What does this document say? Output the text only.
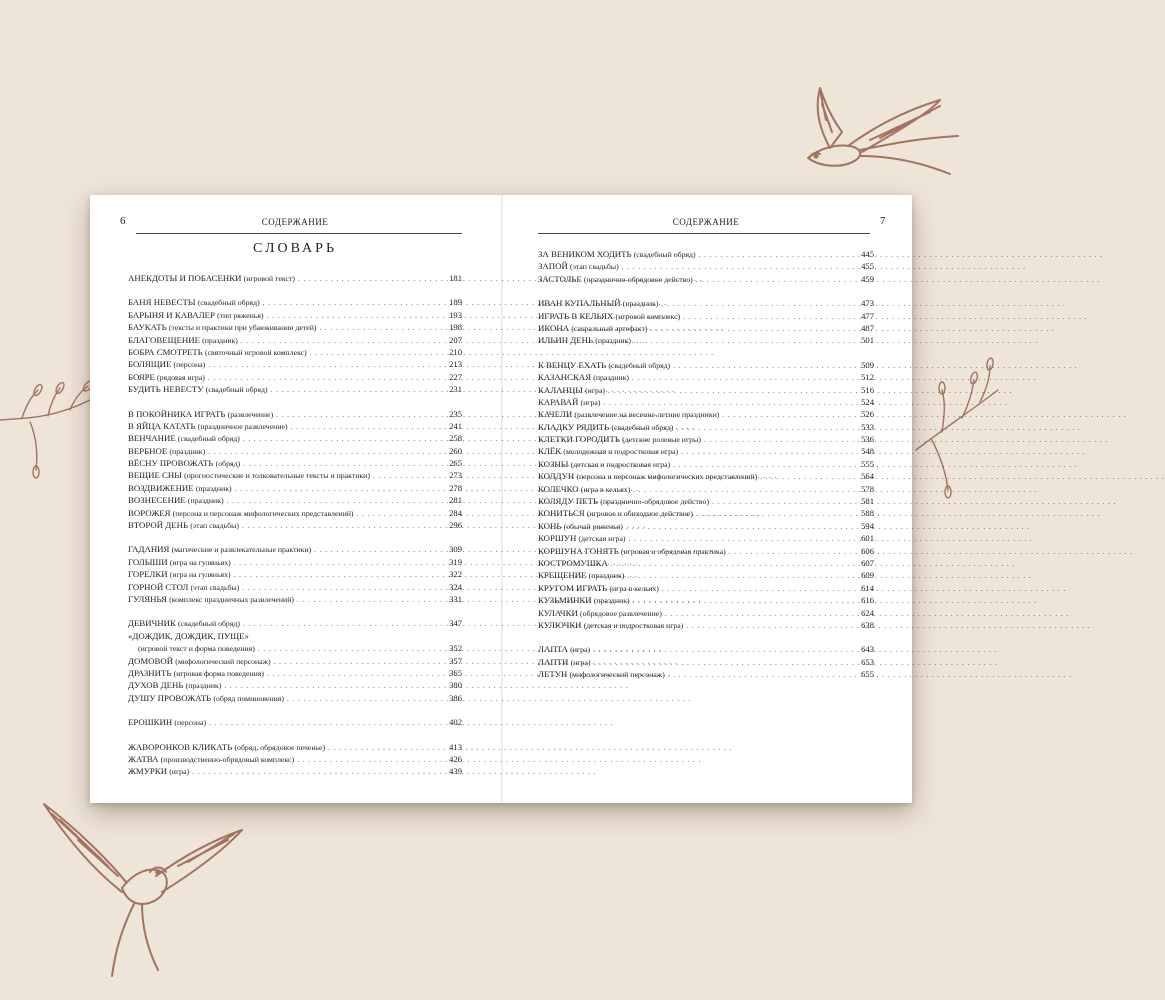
6	СОДЕРЖАНИЕ
СЛОВАРЬ
АНЕКДОТЫ И ПОБАСЕНКИ (игровой текст) . . .	181
БАНЯ НЕВЕСТЫ (свадебный обряд) . . .	189
БАРЫНЯ И КАВАЛЕР (тип ряженья) . . .	193
БАУКАТЬ (тексты и практики при убаюкивании детей) . . .	198
БЛАГОВЕЩЕНИЕ (праздник) . . .	207
БОБРА СМОТРЕТЬ (святочный игровой комплекс) . . .	210
БОЛЯЩИЕ (персона) . . .	213
БОЯРЕ (рядовая игра) . . .	227
БУДИТЬ НЕВЕСТУ (свадебный обряд) . . .	231
В ПОКОЙНИКА ИГРАТЬ (развлечение) . . .	235
В ЯЙЦА КАТАТЬ (праздничное развлечение) . . .	241
ВЕНЧАНИЕ (свадебный обряд) . . .	258
ВЕРБНОЕ (праздник) . . .	260
ВЁСНУ ПРОВОЖАТЬ (обряд) . . .	265
ВЕЩИЕ СНЫ (прогностические и толковательные тексты и практики) . . .	273
ВОЗДВИЖЕНИЕ (праздник) . . .	278
ВОЗНЕСЕНИЕ (праздник) . . .	281
ВОРОЖЕЯ (персона и персонаж мифологических представлений) . . .	284
ВТОРОЙ ДЕНЬ (этап свадьбы) . . .	296
ГАДАНИЯ (магические и развлекательные практики) . . .	309
ГОЛЫШИ (игра на гуляньях) . . .	319
ГОРЕЛКИ (игра на гуляньях) . . .	322
ГОРНОЙ СТОЛ (этап свадьбы) . . .	324
ГУЛЯНЬЯ (комплекс праздничных развлечений) . . .	331
ДЕВИЧНИК (свадебный обряд) . . .	347
«ДОЖДИК, ДОЖДИК, ПУЩЕ»
(игровой текст и форма поведения) . . .	352
ДОМОВОЙ (мифологический персонаж) . . .	357
ДРАЗНИТЬ (игровая форма поведения) . . .	365
ДУХОВ ДЕНЬ (праздник) . . .	380
ДУШУ ПРОВОЖАТЬ (обряд поминовения) . . .	386
ЕРОШКИН (персона) . . .	402
ЖАВОРОНКОВ КЛИКАТЬ (обряд, обрядовое печенье) . . .	413
ЖАТВА (производственно-обрядовый комплекс) . . .	426
ЖМУРКИ (игра) . . .	439
СОДЕРЖАНИЕ	7
ЗА ВЕНИКОМ ХОДИТЬ (свадебный обряд) . . .	445
ЗАПОЙ (этап свадьбы) . . .	455
ЗАСТОЛЬЕ (празднично-обрядовое действо) . . .	459
ИВАН КУПАЛЬНЫЙ (праздник) . . .	473
ИГРАТЬ В КЕЛЬЯХ (игровой комплекс) . . .	477
ИКОНА (сакральный артефакт) . . .	487
ИЛЬИН ДЕНЬ (праздник) . . .	501
К ВЕНЦУ ЕХАТЬ (свадебный обряд) . . .	509
КАЗАНСКАЯ (праздник) . . .	512
КАЛАНЦЫ (игра) . . .	516
КАРАВАЙ (игра) . . .	524
КАЧЕЛИ (развлечение на весенне-летние праздники) . . .	526
КЛАДКУ РЯДИТЬ (свадебный обряд) . . .	533
КЛЕТКИ ГОРОДИТЬ (детские ролевые игры) . . .	536
КЛЁК (молодежная и подростковая игра) . . .	548
КОЗНЫ (детская и подростковая игра) . . .	555
КОЛДУН (персона и персонаж мифологических представлений) . . .	564
КОЛЕЧКО (игра в кельях) . . .	578
КОЛЯДУ ПЕТЬ (празднично-обрядовое действо) . . .	581
КОНИТЬСЯ (игровое и обиходное действие) . . .	588
КОНЬ (обычай ряженья) . . .	594
КОРШУН (детская игра) . . .	601
КОРШУНА ГОНЯТЬ (игровая и обрядовая практика) . . .	606
КОСТРОМУШКА . . .	607
КРЕЩЕНИЕ (праздник) . . .	609
КРУГОМ ИГРАТЬ (игра в кельях) . . .	614
КУЗЬМИНКИ (праздник) . . .	616
КУЛАЧКИ (обрядовое развлечение) . . .	624
КУЛЮЧКИ (детская и подростковая игра) . . .	638
ЛАПТА (игра) . . .	643
ЛАПТИ (игра) . . .	653
ЛЕТУН (мифологический персонаж) . . .	655
